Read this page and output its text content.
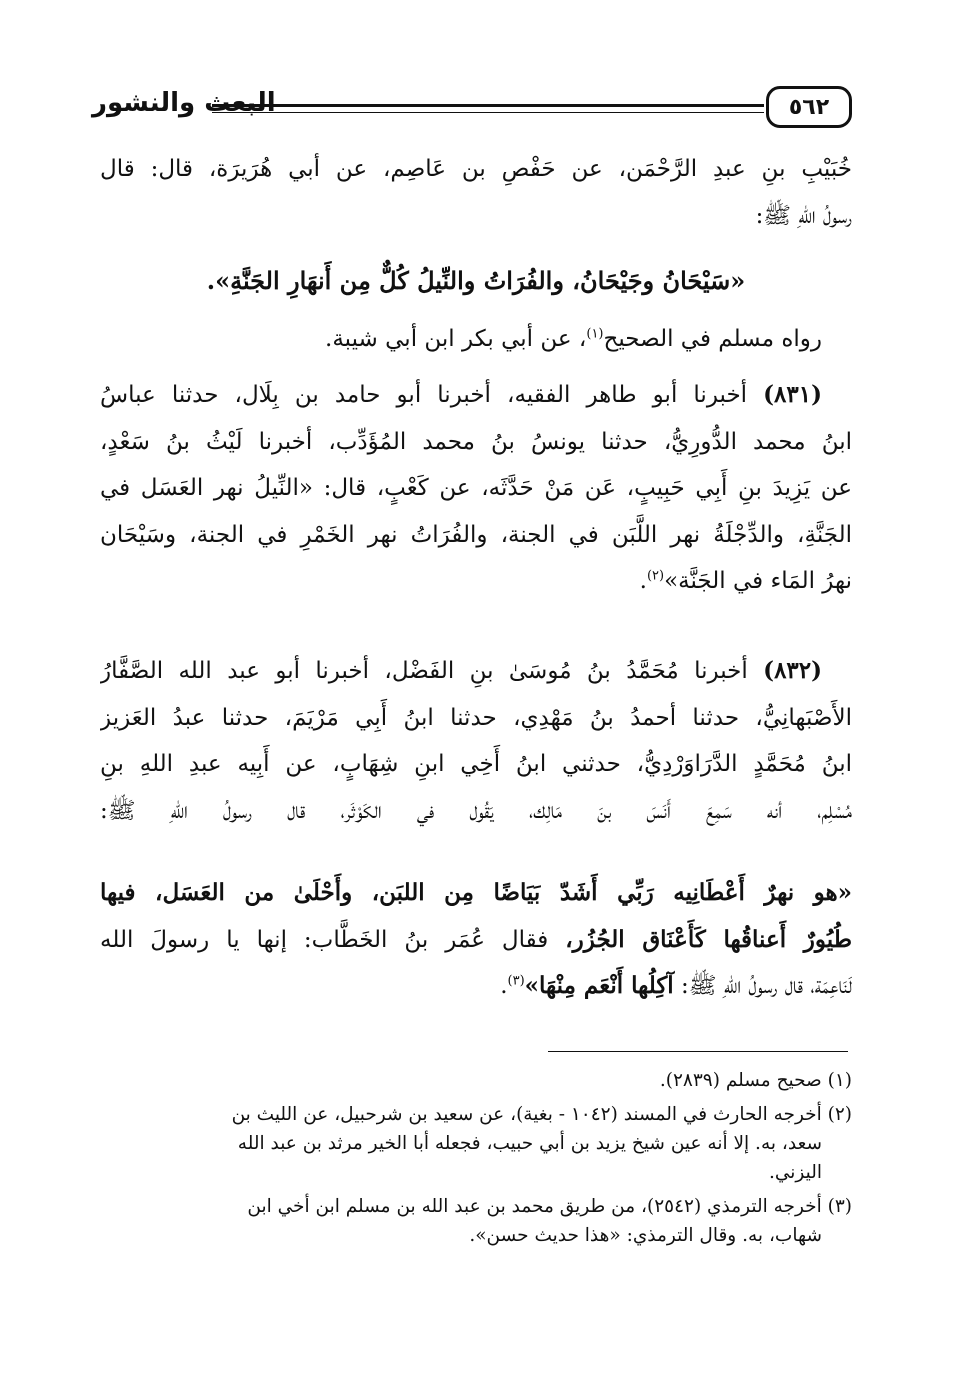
٥٦٢
البعث والنشور
خُبَيْبِ بنِ عبدِ الرَّحْمَن، عن حَفْصِ بن عَاصِم، عن أبي هُرَيرَة، قال: قال
رسولُ اللهِ ﷺ:
«سَيْحَانُ وجَيْحَانُ، والفُرَاتُ والنِّيلُ كُلٌّ مِن أَنهَارِ الجَنَّةِ».
رواه مسلم في الصحيح$^{(١)}$، عن أبي بكر ابن أبي شيبة.
(٨٣١) أخبرنا أبو طاهر الفقيه، أخبرنا أبو حامد بن بِلَال، حدثنا عباسُ
ابنُ محمد الدُّورِيُّ، حدثنا يونسُ بنُ محمد المُؤَدِّب، أخبرنا لَيْثُ بنُ سَعْدٍ،
عن يَزِيدَ بنِ أَبِي حَبِيبٍ، عَن مَنْ حَدَّثَه، عن كَعْبٍ، قال: «النِّيلُ نهر العَسَل في
الجَنَّةِ، والدِّجْلَةُ نهر اللَّبَن في الجنة، والفُرَاتُ نهر الخَمْرِ في الجنة، وسَيْحَان
نهرُ المَاء في الجَنَّة»$^{(٢)}$.
(٨٣٢) أخبرنا مُحَمَّدُ بنُ مُوسَىٰ بنِ الفَضْل، أخبرنا أبو عبد الله الصَّفَّارُ
الأَصْبَهانِيُّ، حدثنا أحمدُ بنُ مَهْدِي، حدثنا ابنُ أَبِي مَرْيَمَ، حدثنا عبدُ العَزيز
ابنُ مُحَمَّدٍ الدَّرَاوَرْدِيُّ، حدثني ابنُ أَخِي ابنِ شِهَابٍ، عن أَبِيه عبدِ اللهِ بنِ
مُسْلِم، أنه سَمِعَ أَنَسَ بنَ مَالِك، يَقُول في الكَوْثَر، قال رسولُ اللهِ ﷺ:
«هو نهرٌ أَعْطَانِيه رَبِّي أَشَدّ بَيَاضًا مِن اللبَن، وأَحْلَىٰ من العَسَل، فيها
طُيُورٌ أَعناقُها كَأَعْنَاق الجُزُر، فقال عُمَر بنُ الخَطَّاب: إنها يا رسولَ الله
لَنَاعِمَة، قال رسولُ اللهِ ﷺ: آكِلُها أَنْعَم مِنْهَا»$^{(٣)}$.
(١) صحيح مسلم (٢٨٣٩).
(٢) أخرجه الحارث في المسند (١٠٤٢ - بغية)، عن سعيد بن شرحبيل، عن الليث بن
سعد، به. إلا أنه عين شيخ يزيد بن أبي حبيب، فجعله أبا الخير مرثد بن عبد الله
اليزني.
(٣) أخرجه الترمذي (٢٥٤٢)، من طريق محمد بن عبد الله بن مسلم ابن أخي ابن
شهاب، به. وقال الترمذي: «هذا حديث حسن».
